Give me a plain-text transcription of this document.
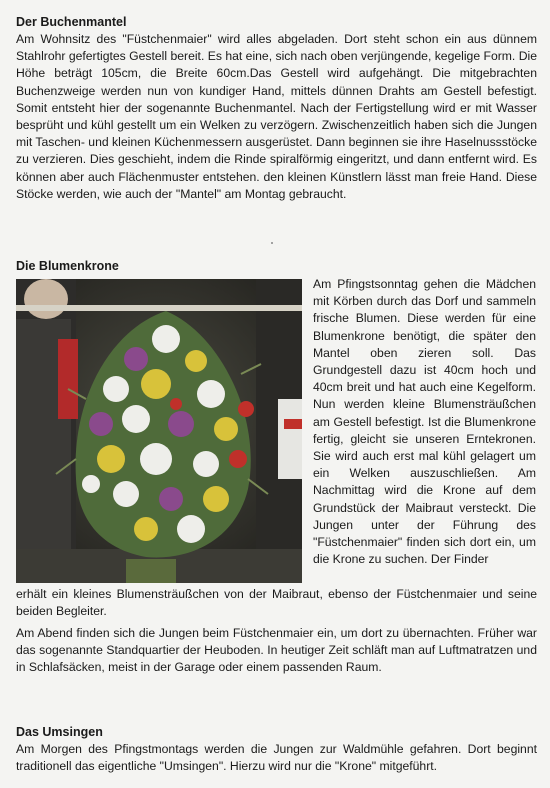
Der Buchenmantel

Am Wohnsitz des "Füstchenmaier" wird alles abgeladen. Dort steht schon ein aus dünnem Stahlrohr gefertigtes Gestell bereit. Es hat eine, sich nach oben verjüngende, kegelige Form. Die Höhe beträgt 105cm, die Breite 60cm.Das Gestell wird aufgehängt. Die mitgebrachten Buchenzweige werden nun von kundiger Hand, mittels dünnen Drahts am Gestell befestigt. Somit entsteht hier der sogenannte Buchenmantel. Nach der Fertigstellung wird er mit Wasser besprüht und kühl gestellt um ein Welken zu verzögern. Zwischenzeitlich haben sich die Jungen mit Taschen- und kleinen Küchenmessern ausgerüstet. Dann beginnen sie ihre Haselnussstöcke zu verzieren. Dies geschieht, indem die Rinde spiralförmig eingeritzt, und dann entfernt wird. Es können aber auch Flächenmuster entstehen. den kleinen Künstlern lässt man freie Hand. Diese Stöcke werden, wie auch der "Mantel" am Montag gebraucht.

Die Blumenkrone

Am Pfingstsonntag gehen die Mädchen mit Körben durch das Dorf und sammeln frische Blumen. Diese werden für eine Blumenkrone benötigt, die später den Mantel oben zieren soll. Das Grundgestell dazu ist 40cm hoch und 40cm breit und hat auch eine Kegelform. Nun werden kleine Blumensträußchen am Gestell befestigt. Ist die Blumenkrone fertig, gleicht sie unseren Erntekronen. Sie wird auch erst mal kühl gelagert um ein Welken auszuschließen. Am Nachmittag wird die Krone auf dem Grundstück der Maibraut versteckt. Die Jungen unter der Führung des "Füstchenmaier" finden sich dort ein, um die Krone zu suchen. Der Finder

erhält ein kleines Blumensträußchen von der Maibraut, ebenso der Füstchenmaier und seine beiden Begleiter.

Am Abend finden sich die Jungen beim Füstchenmaier ein, um dort zu übernachten. Früher war das sogenannte Standquartier der Heuboden. In heutiger Zeit schläft man auf Luftmatratzen und in Schlafsäcken, meist in der Garage oder einem passenden Raum.

Das Umsingen

Am Morgen des Pfingstmontags werden die Jungen zur Waldmühle gefahren. Dort beginnt traditionell das eigentliche "Umsingen". Hierzu wird nur die "Krone" mitgeführt.
